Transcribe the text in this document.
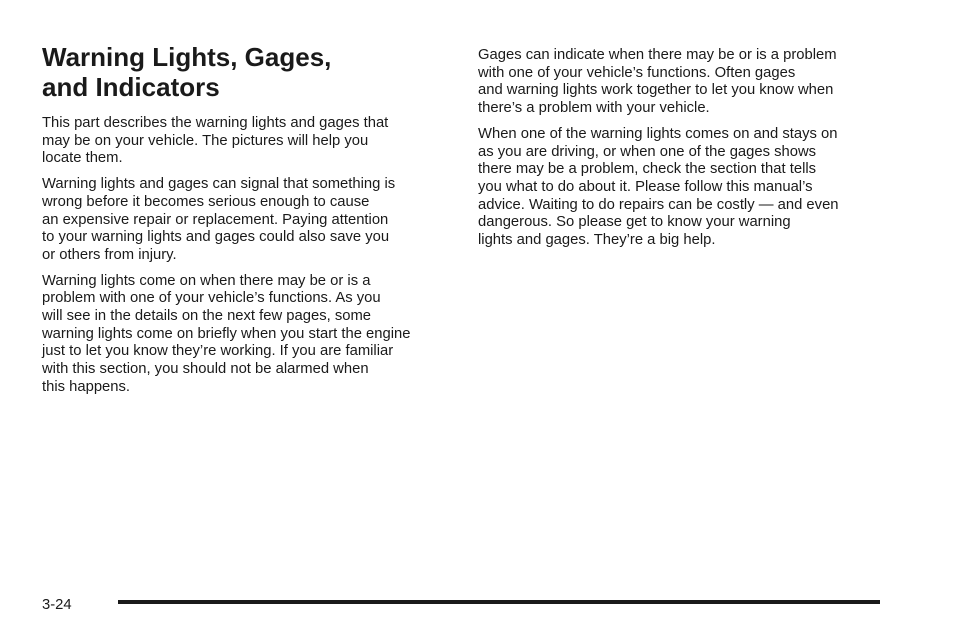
Warning Lights, Gages,
and Indicators

This part describes the warning lights and gages that
may be on your vehicle. The pictures will help you
locate them.

Warning lights and gages can signal that something is
wrong before it becomes serious enough to cause
an expensive repair or replacement. Paying attention
to your warning lights and gages could also save you
or others from injury.

Warning lights come on when there may be or is a
problem with one of your vehicle’s functions. As you
will see in the details on the next few pages, some
warning lights come on briefly when you start the engine
just to let you know they’re working. If you are familiar
with this section, you should not be alarmed when
this happens.

Gages can indicate when there may be or is a problem
with one of your vehicle’s functions. Often gages
and warning lights work together to let you know when
there’s a problem with your vehicle.

When one of the warning lights comes on and stays on
as you are driving, or when one of the gages shows
there may be a problem, check the section that tells
you what to do about it. Please follow this manual’s
advice. Waiting to do repairs can be costly — and even
dangerous. So please get to know your warning
lights and gages. They’re a big help.

3-24
